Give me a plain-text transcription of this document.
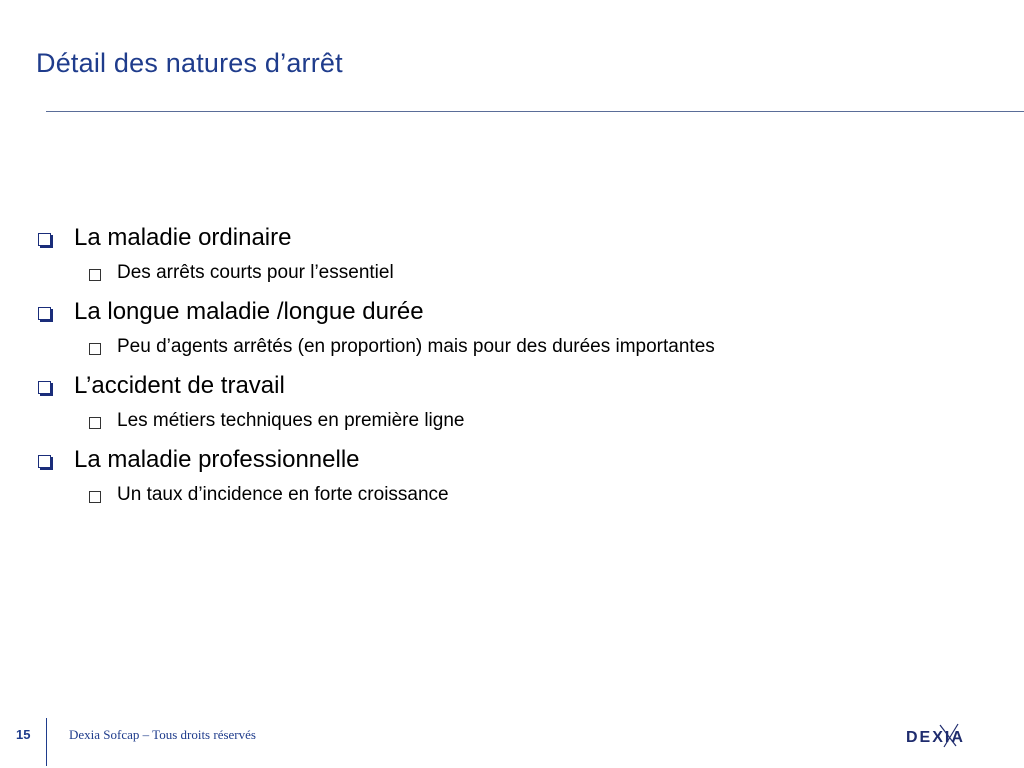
Détail des natures d’arrêt
La maladie ordinaire
Des arrêts courts pour l’essentiel
La longue maladie /longue durée
Peu d’agents arrêtés (en proportion) mais pour des durées importantes
L’accident de travail
Les métiers techniques en première ligne
La maladie professionnelle
Un taux d’incidence en forte croissance
15	Dexia Sofcap – Tous droits réservés	DEXIA
